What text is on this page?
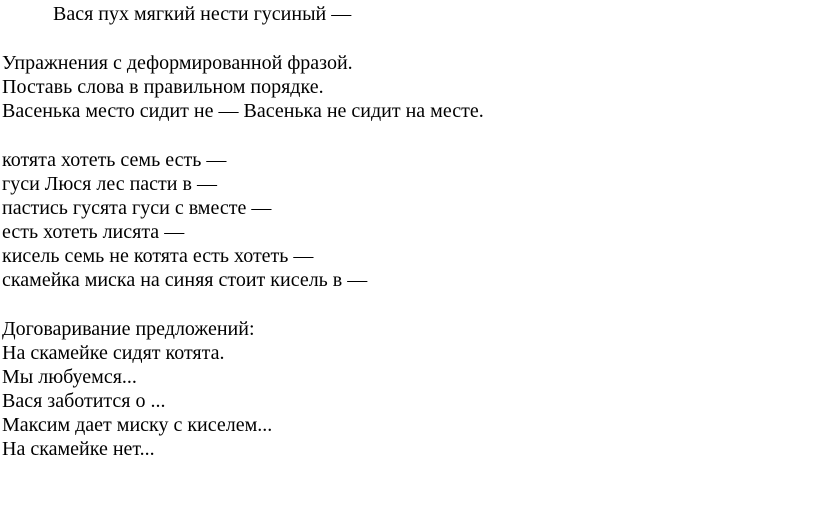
Вася пух мягкий нести гусиный —
Упражнения с деформированной фразой.
Поставь слова в правильном порядке.
Васенька место сидит не — Васенька не сидит на месте.
котята хотеть семь есть —
гуси Люся лес пасти в —
пастись гусята гуси с вместе —
есть хотеть лисята —
кисель семь не котята есть хотеть —
скамейка миска на синяя стоит кисель в —
Договаривание предложений:
На скамейке сидят котята.
Мы любуемся...
Вася заботится о ...
Максим дает миску с киселем...
На скамейке нет...
